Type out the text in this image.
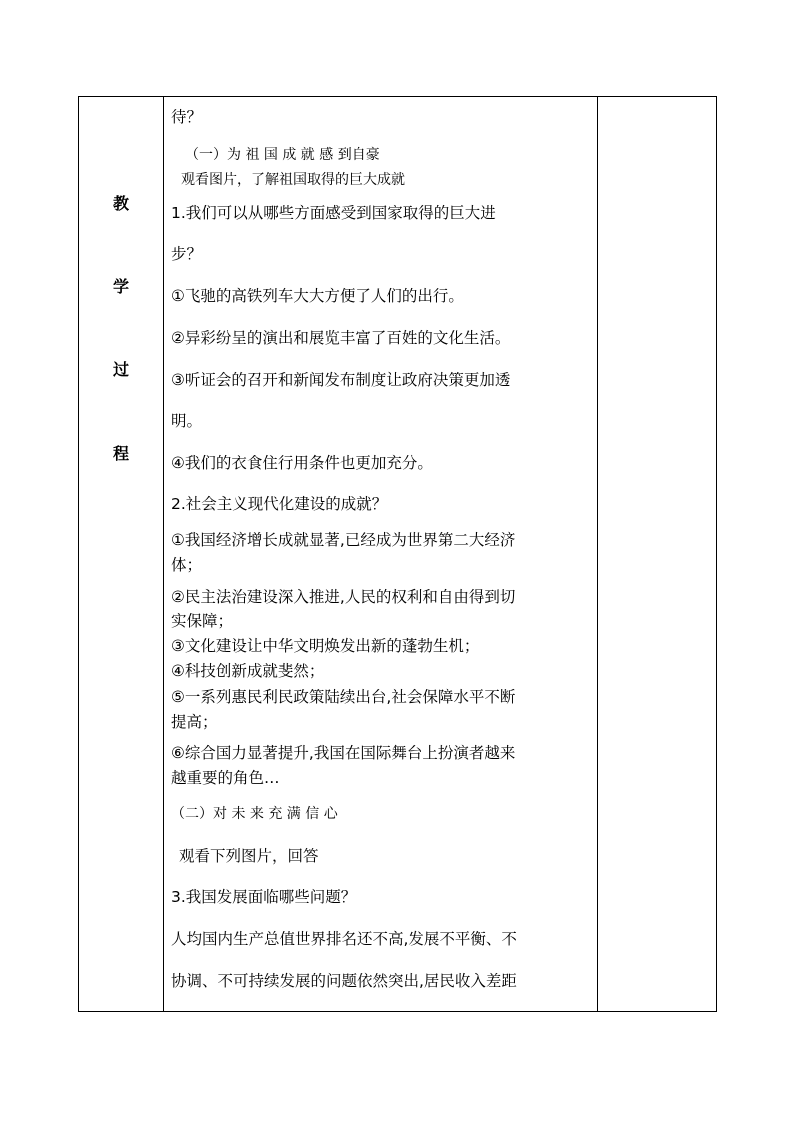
教
学
过
程
待？
（一）为 祖 国 成 就 感 到自豪
观看图片，了解祖国取得的巨大成就
1.我们可以从哪些方面感受到国家取得的巨大进
步？
①飞驰的高铁列车大大方便了人们的出行。
②异彩纷呈的演出和展览丰富了百姓的文化生活。
③听证会的召开和新闻发布制度让政府决策更加透
明。
④我们的衣食住行用条件也更加充分。
2.社会主义现代化建设的成就？
①我国经济增长成就显著,已经成为世界第二大经济
体；
②民主法治建设深入推进,人民的权利和自由得到切
实保障；
③文化建设让中华文明焕发出新的蓬勃生机；
④科技创新成就斐然；
⑤一系列惠民利民政策陆续出台,社会保障水平不断
提高；
⑥综合国力显著提升,我国在国际舞台上扮演者越来
越重要的角色…
（二）对 未 来 充 满 信 心
观看下列图片，回答
3.我国发展面临哪些问题？
人均国内生产总值世界排名还不高,发展不平衡、不
协调、不可持续发展的问题依然突出,居民收入差距
